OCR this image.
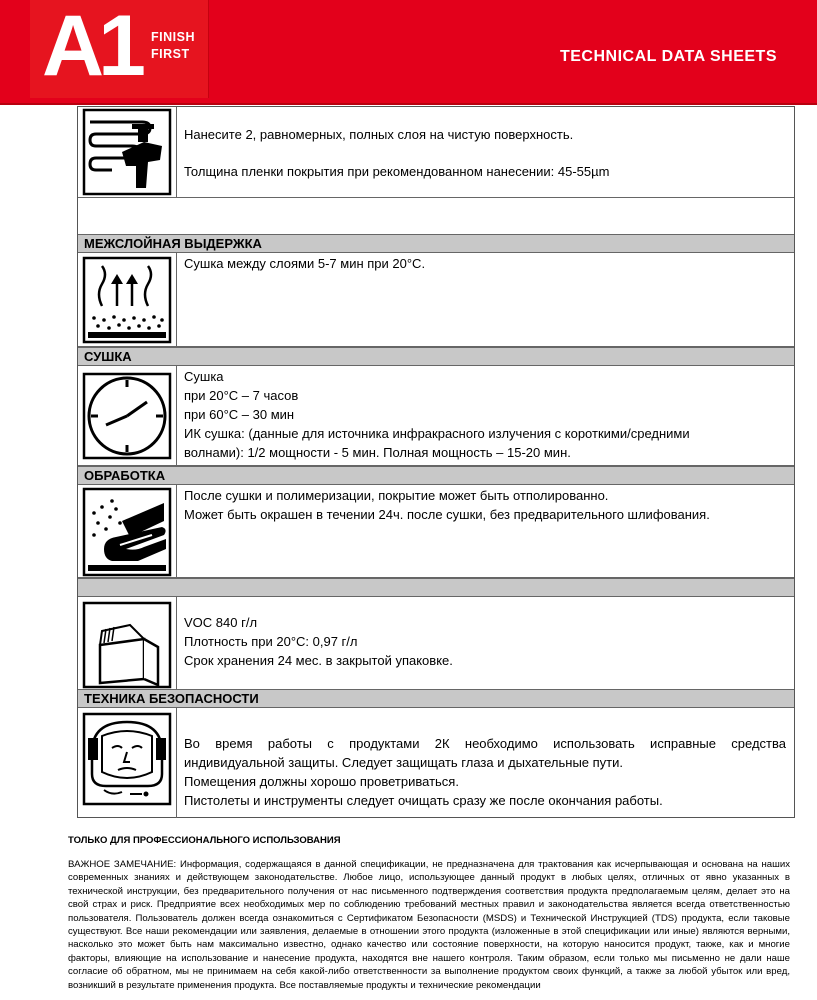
A1 FINISH
FIRST	TECHNICAL DATA SHEETS

Нанесите 2, равномерных, полных слоя на чистую поверхность.

Толщина пленки покрытия при рекомендованном нанесении: 45-55µm

МЕЖСЛОЙНАЯ ВЫДЕРЖКА

Сушка между слоями 5-7 мин при 20°C.

СУШКА

Сушка

при 20°C – 7 часов

при 60°C – 30 мин

ИК сушка: (данные для источника инфракрасного излучения с короткими/средними

волнами): 1/2 мощности - 5 мин. Полная мощность – 15-20 мин.

ОБРАБОТКА

После сушки и полимеризации, покрытие может быть отполированно.

Может быть окрашен в течении 24ч. после сушки, без предварительного шлифования.

VOC 840 г/л

Плотность при 20°C: 0,97 г/л

Срок хранения 24 мес. в закрытой упаковке.

ТЕХНИКА БЕЗОПАСНОСТИ

Во время работы с продуктами 2К необходимо использовать исправные средства

индивидуальной защиты. Следует защищать глаза и дыхательные пути.

Помещения должны хорошо проветриваться.

Пистолеты и инструменты следует очищать сразу же после окончания работы.

ТОЛЬКО ДЛЯ ПРОФЕССИОНАЛЬНОГО ИСПОЛЬЗОВАНИЯ
ВАЖНОЕ ЗАМЕЧАНИЕ: Информация, содержащаяся в данной спецификации, не предназначена для трактования как исчерпывающая и основана на наших современных знаниях и действующем законодательстве. Любое лицо, использующее данный продукт в любых целях, отличных от явно указанных в технической инструкции, без предварительного получения от нас письменного подтверждения соответствия продукта предполагаемым целям, делает это на свой страх и риск. Предприятие всех необходимых мер по соблюдению требований местных правил и законодательства является всегда ответственностью пользователя. Пользователь должен всегда ознакомиться с Сертификатом Безопасности (MSDS) и Технической Инструкцией (TDS) продукта, если таковые существуют. Все наши рекомендации или заявления, делаемые в отношении этого продукта (изложенные в этой спецификации или иные) являются верными, насколько это может быть нам максимально известно, однако качество или состояние поверхности, на которую наносится продукт, также, как и многие факторы, влияющие на использование и нанесение продукта, находятся вне нашего контроля. Таким образом, если только мы письменно не дали наше согласие об обратном, мы не принимаем на себя какой-либо ответственности за выполнение продуктом своих функций, а также за любой убыток или вред, возникший в результате применения продукта. Все поставляемые продукты и технические рекомендации
